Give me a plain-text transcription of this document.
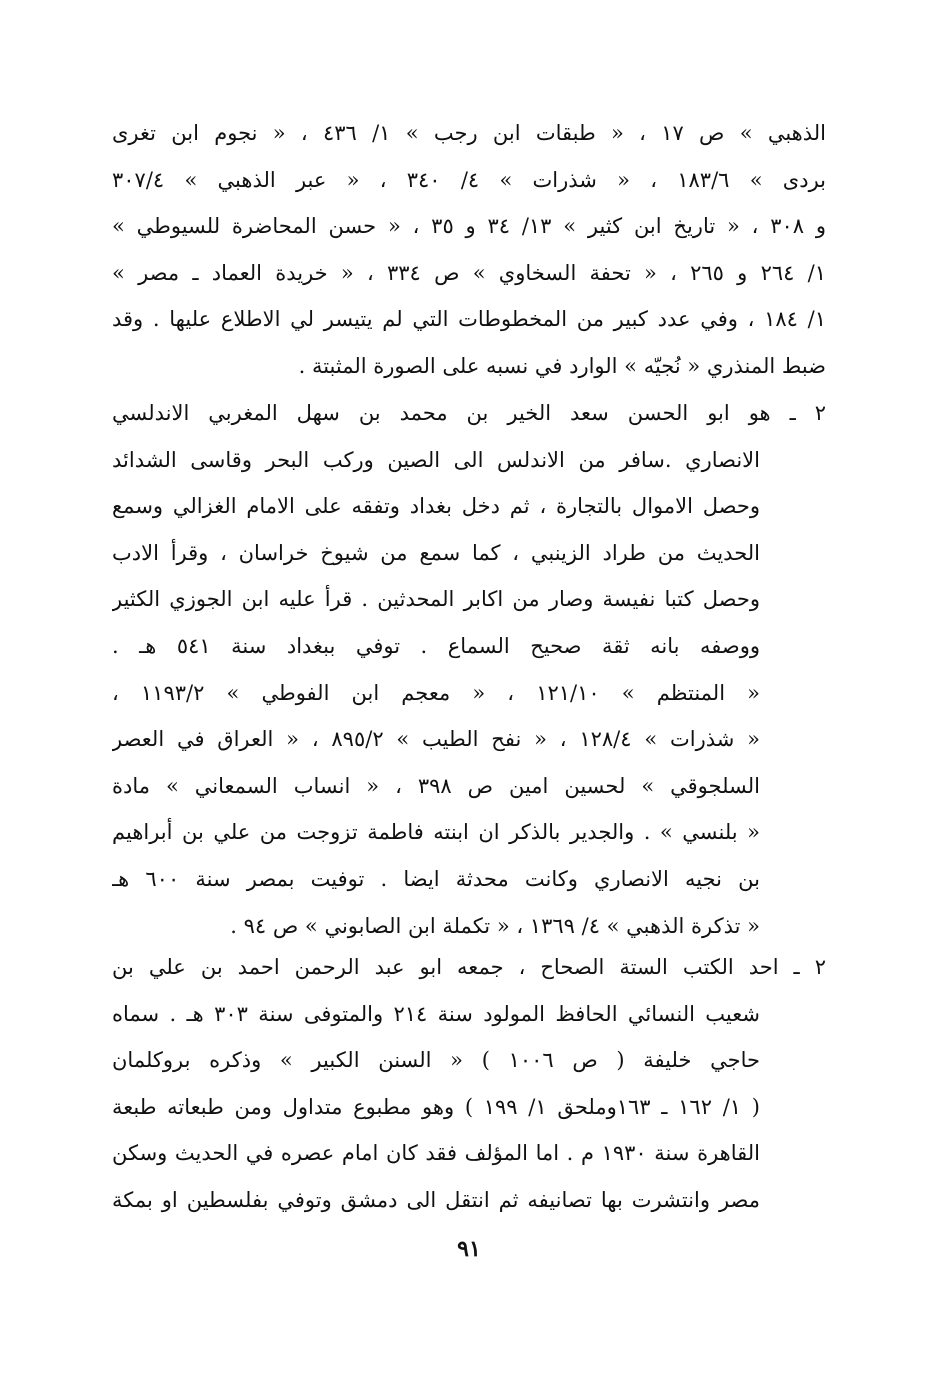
الذهبي » ص ١٧ ، « طبقات ابن رجب » ١/ ٤٣٦ ، « نجوم ابن تغرى
بردى » ١٨٣/٦ ، « شذرات » ٤/ ٣٤٠ ، « عبر الذهبي » ٣٠٧/٤
و ٣٠٨ ، « تاريخ ابن كثير » ١٣/ ٣٤ و ٣٥ ، « حسن المحاضرة للسيوطي »
١/ ٢٦٤ و ٢٦٥ ، « تحفة السخاوي » ص ٣٣٤ ، « خريدة العماد ـ مصر »
١/ ١٨٤ ، وفي عدد كبير من المخطوطات التي لم يتيسر لي الاطلاع عليها . وقد
ضبط المنذري « نُجيّه » الوارد في نسبه على الصورة المثبتة .
٢ ـ هو ابو الحسن سعد الخير بن محمد بن سهل المغربي الاندلسي
الانصاري .سافر من الاندلس الى الصين وركب البحر وقاسى الشدائد
وحصل الاموال بالتجارة ، ثم دخل بغداد وتفقه على الامام الغزالي وسمع
الحديث من طراد الزينبي ، كما سمع من شيوخ خراسان ، وقرأ الادب
وحصل كتبا نفيسة وصار من اكابر المحدثين . قرأ عليه ابن الجوزي الكثير
ووصفه بانه ثقة صحيح السماع . توفي ببغداد سنة ٥٤١ هـ .
« المنتظم » ١٢١/١٠ ، « معجم ابن الفوطي » ١١٩٣/٢ ،
« شذرات » ١٢٨/٤ ، « نفح الطيب » ٨٩٥/٢ ، « العراق في العصر
السلجوقي » لحسين امين ص ٣٩٨ ، « انساب السمعاني » مادة
« بلنسي » . والجدير بالذكر ان ابنته فاطمة تزوجت من علي بن أبراهيم
بن نجيه الانصاري وكانت محدثة ايضا . توفيت بمصر سنة ٦٠٠ هـ
« تذكرة الذهبي » ٤/ ١٣٦٩ ، « تكملة ابن الصابوني » ص ٩٤ .
٢ ـ احد الكتب الستة الصحاح ، جمعه ابو عبد الرحمن احمد بن علي بن
شعيب النسائي الحافظ المولود سنة ٢١٤ والمتوفى سنة ٣٠٣ هـ . سماه
حاجي خليفة ( ص ١٠٠٦ ) « السنن الكبير » وذكره بروكلمان
( ١/ ١٦٢ ـ ١٦٣وملحق ١/ ١٩٩ ) وهو مطبوع متداول ومن طبعاته طبعة
القاهرة سنة ١٩٣٠ م . اما المؤلف فقد كان امام عصره في الحديث وسكن
مصر وانتشرت بها تصانيفه ثم انتقل الى دمشق وتوفي بفلسطين او بمكة
٩١
